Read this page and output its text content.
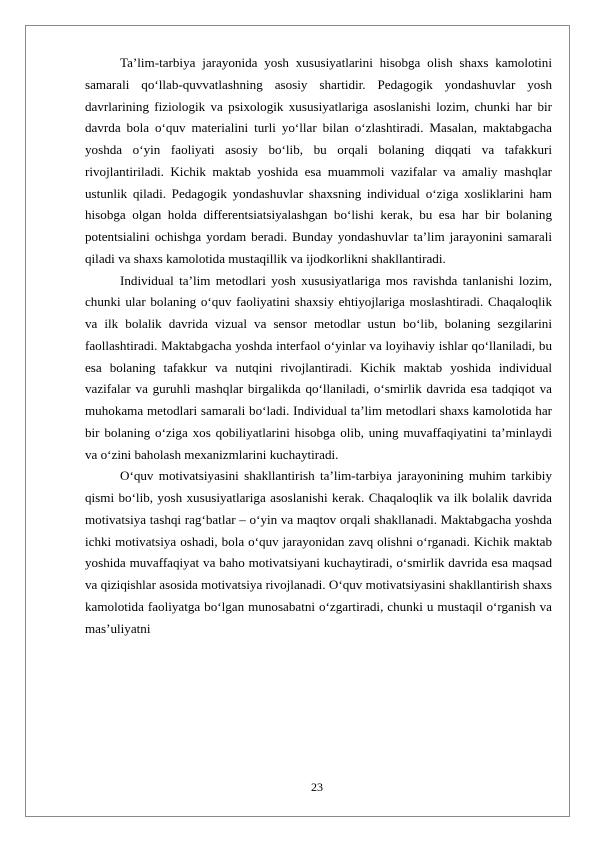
Ta’lim-tarbiya jarayonida yosh xususiyatlarini hisobga olish shaxs kamolotini samarali qo‘llab-quvvatlashning asosiy shartidir. Pedagogik yondashuvlar yosh davrlarining fiziologik va psixologik xususiyatlariga asoslanishi lozim, chunki har bir davrda bola o‘quv materialini turli yo‘llar bilan o‘zlashtiradi. Masalan, maktabgacha yoshda o‘yin faoliyati asosiy bo‘lib, bu orqali bolaning diqqati va tafakkuri rivojlantiriladi. Kichik maktab yoshida esa muammoli vazifalar va amaliy mashqlar ustunlik qiladi. Pedagogik yondashuvlar shaxsning individual o‘ziga xosliklarini ham hisobga olgan holda differentsiatsiyalashgan bo‘lishi kerak, bu esa har bir bolaning potentsialini ochishga yordam beradi. Bunday yondashuvlar ta’lim jarayonini samarali qiladi va shaxs kamolotida mustaqillik va ijodkorlikni shakllantiradi.

Individual ta’lim metodlari yosh xususiyatlariga mos ravishda tanlanishi lozim, chunki ular bolaning o‘quv faoliyatini shaxsiy ehtiyojlariga moslashtiradi. Chaqaloqlik va ilk bolalik davrida vizual va sensor metodlar ustun bo‘lib, bolaning sezgilarini faollashtiradi. Maktabgacha yoshda interfaol o‘yinlar va loyihaviy ishlar qo‘llaniladi, bu esa bolaning tafakkur va nutqini rivojlantiradi. Kichik maktab yoshida individual vazifalar va guruhli mashqlar birgalikda qo‘llaniladi, o‘smirlik davrida esa tadqiqot va muhokama metodlari samarali bo‘ladi. Individual ta’lim metodlari shaxs kamolotida har bir bolaning o‘ziga xos qobiliyatlarini hisobga olib, uning muvaffaqiyatini ta’minlaydi va o‘zini baholash mexanizmlarini kuchaytiradi.

O‘quv motivatsiyasini shakllantirish ta’lim-tarbiya jarayonining muhim tarkibiy qismi bo‘lib, yosh xususiyatlariga asoslanishi kerak. Chaqaloqlik va ilk bolalik davrida motivatsiya tashqi rag‘batlar – o‘yin va maqtov orqali shakllanadi. Maktabgacha yoshda ichki motivatsiya oshadi, bola o‘quv jarayonidan zavq olishni o‘rganadi. Kichik maktab yoshida muvaffaqiyat va baho motivatsiyani kuchaytiradi, o‘smirlik davrida esa maqsad va qiziqishlar asosida motivatsiya rivojlanadi. O‘quv motivatsiyasini shakllantirish shaxs kamolotida faoliyatga bo‘lgan munosabatni o‘zgartiradi, chunki u mustaqil o‘rganish va mas’uliyatni

23
